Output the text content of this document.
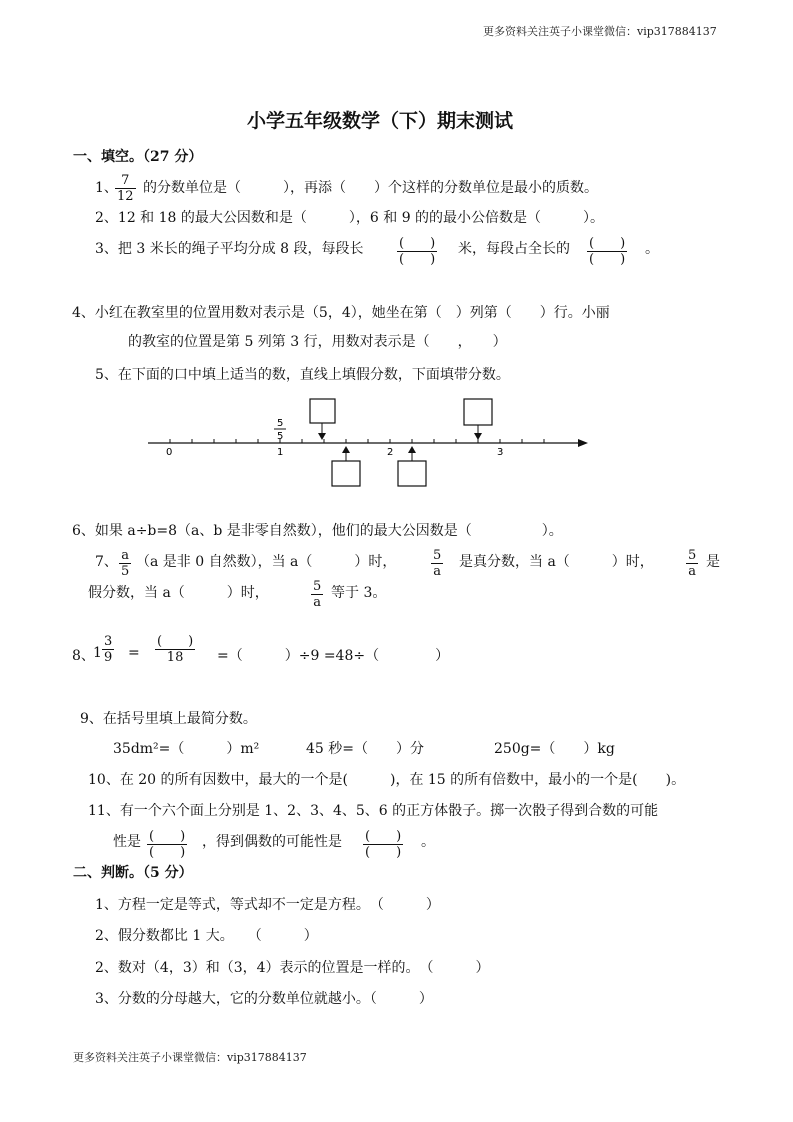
更多资料关注英子小课堂微信：vip317884137
更多资料关注英子小课堂微信：vip317884137
小学五年级数学（下）期末测试
一、填空。（27 分）
1、 7
12
的分数单位是（　　　），再添（　　）个这样的分数单位是最小的质数。
2、12 和 18 的最大公因数和是（　　　），6 和 9 的的最小公倍数是（　　　）。
3、把 3 米长的绳子平均分成 8 段，每段长	(　　)
(　　)
米，每段占全长的 (　　)
(　　)
。
4、小红在教室里的位置用数对表示是（5，4），她坐在第（　）列第（　　）行。小丽
的教室的位置是第 5 列第 3 行，用数对表示是（　　，　　）
5、在下面的口中填上适当的数，直线上填假分数，下面填带分数。
0	1	2	3
5
5
6、如果 a÷b=8（a、b 是非零自然数），他们的最大公因数是（　　　　　）。
7、 a
5
（a 是非 0 自然数），当 a（　　　）时，	5
a
是真分数，当 a（　　　）时，	5
a
是
假分数，当 a（　　　）时，	5
a
等于 3。
8、
1
3
9 =
(　　)
18	=（　　　）÷9 =48÷（　　　　）
9、在括号里填上最简分数。
35dm²=（　　　）m²	45 秒=（　　）分	250g=（　　）kg
10、在 20 的所有因数中，最大的一个是(　　　)，在 15 的所有倍数中，最小的一个是(　　)。
11、有一个六个面上分别是 1、2、3、4、5、6 的正方体骰子。掷一次骰子得到合数的可能
性是 (　　)
(　　)
，得到偶数的可能性是 (　　)
(　　)
。
二、判断。（5 分）
1、方程一定是等式，等式却不一定是方程。　（　　　）
2、假分数都比 1 大。　　（　　　）
2、数对（4，3）和（3，4）表示的位置是一样的。　（　　　）
3、分数的分母越大，它的分数单位就越小。（　　　）
